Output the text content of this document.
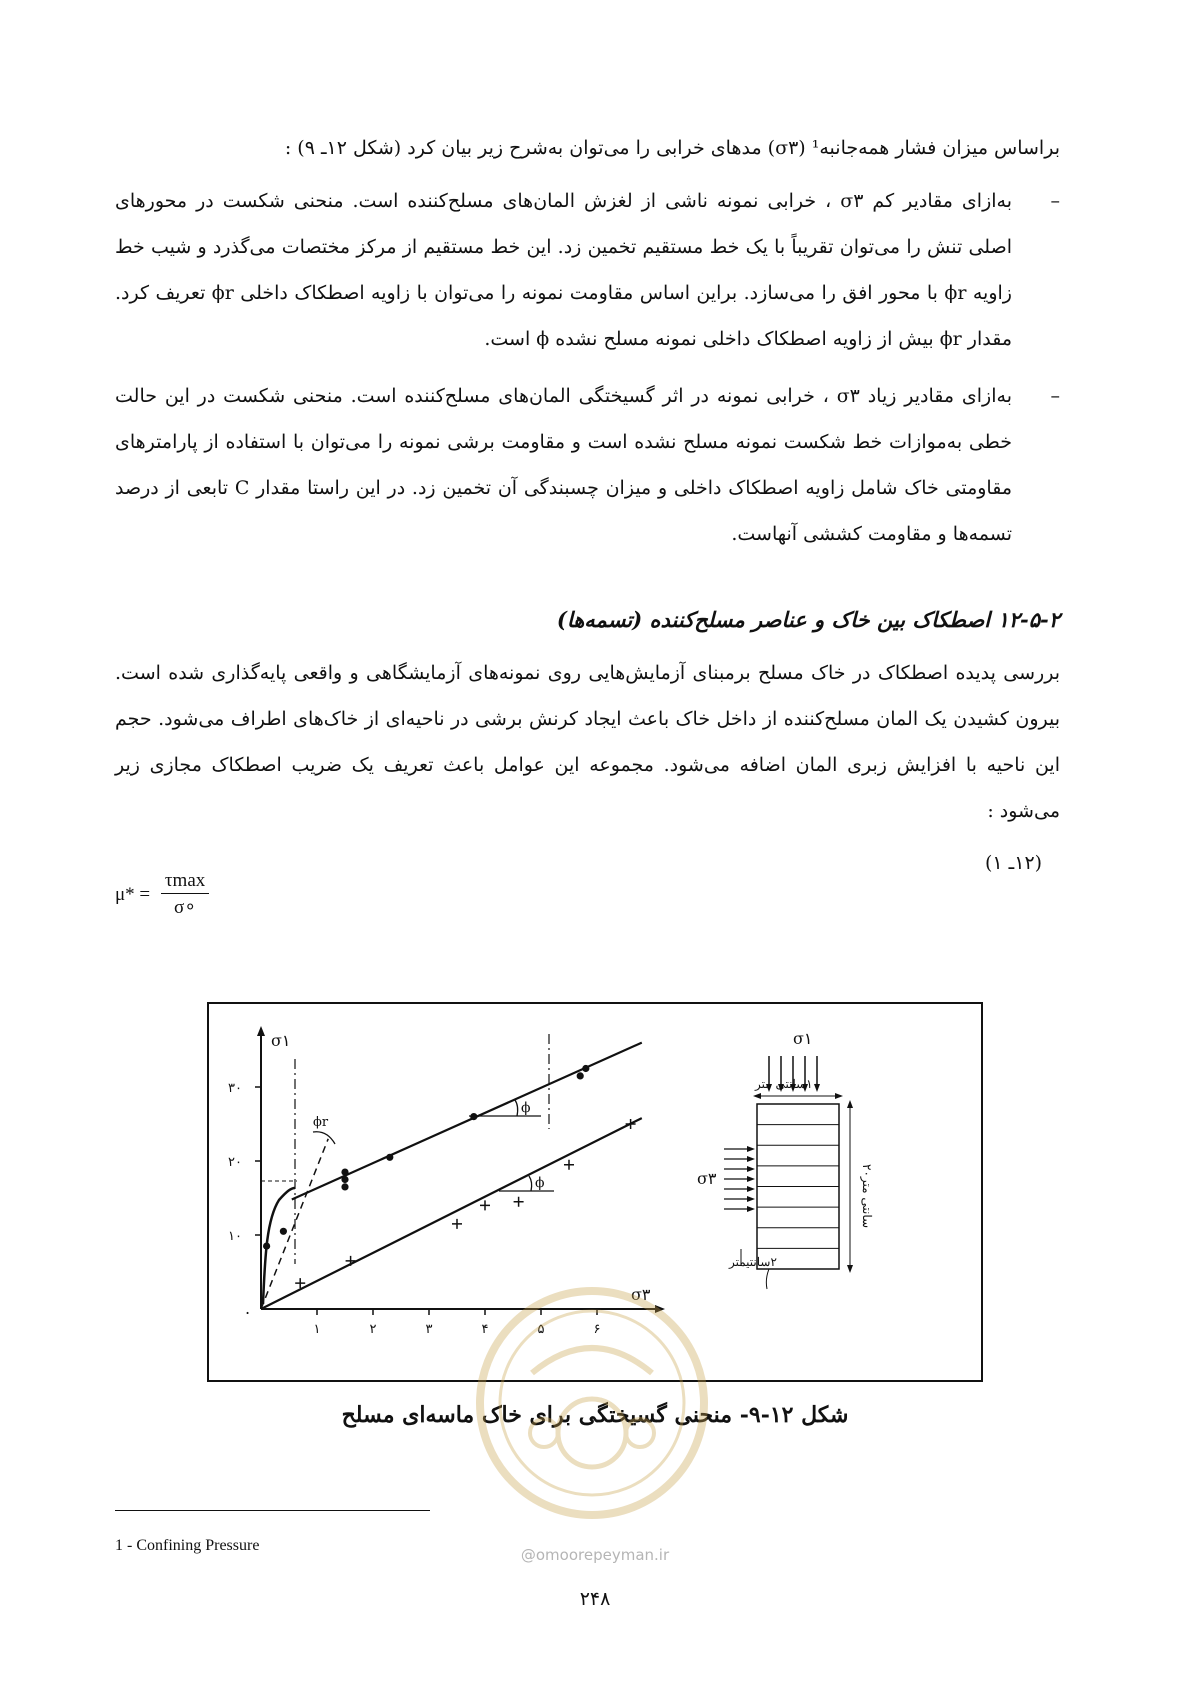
براساس میزان فشار همه‌جانبه¹ (σ۳) مدهای خرابی را می‌توان به‌شرح زیر بیان کرد (شکل ۱۲ـ ۹) :
–
به‌ازای مقادیر کم σ۳ ، خرابی نمونه ناشی از لغزش المان‌های مسلح‌کننده است. منحنی شکست در محورهای اصلی تنش را می‌توان تقریباً با یک خط مستقیم تخمین زد. این خط مستقیم از مرکز مختصات می‌گذرد و شیب خط زاویه ϕr با محور افق را می‌سازد. براین اساس مقاومت نمونه را می‌توان با زاویه اصطکاک داخلی ϕr تعریف کرد. مقدار ϕr بیش از زاویه اصطکاک داخلی نمونه مسلح نشده ϕ است.
–
به‌ازای مقادیر زیاد σ۳ ، خرابی نمونه در اثر گسیختگی المان‌های مسلح‌کننده است. منحنی شکست در این حالت خطی به‌موازات خط شکست نمونه مسلح نشده است و مقاومت برشی نمونه را می‌توان با استفاده از پارامترهای مقاومتی خاک شامل زاویه اصطکاک داخلی و میزان چسبندگی آن تخمین زد. در این راستا مقدار C تابعی از درصد تسمه‌ها و مقاومت کششی آنهاست.
۱۲-۵-۲ اصطکاک بین خاک و عناصر مسلح‌کننده (تسمه‌ها)
بررسی پدیده اصطکاک در خاک مسلح برمبنای آزمایش‌هایی روی نمونه‌های آزمایشگاهی و واقعی پایه‌گذاری شده است. بیرون کشیدن یک المان مسلح‌کننده از داخل خاک باعث ایجاد کرنش برشی در ناحیه‌ای از خاک‌های اطراف می‌شود. حجم این ناحیه با افزایش زبری المان اضافه می‌شود. مجموعه این عوامل باعث تعریف یک ضریب اصطکاک مجازی زیر می‌شود :
(۱۲ـ ۱)
$\mu* = \frac{\tau\max}{\sigma\circ}$
σ۱
σ۳
.
۱۰
۲۰
۳۰
۱	۲	۳	۴	۵	۶
ϕr
ϕ
ϕ
σ۱
۱۰سانتی متر
۲۰سانتی متر
σ۳
۲سانتیمتر
شکل ۱۲-۹- منحنی گسیختگی برای خاک ماسه‌ای مسلح
1 - Confining Pressure
@omoorepeyman.ir
۲۴۸
